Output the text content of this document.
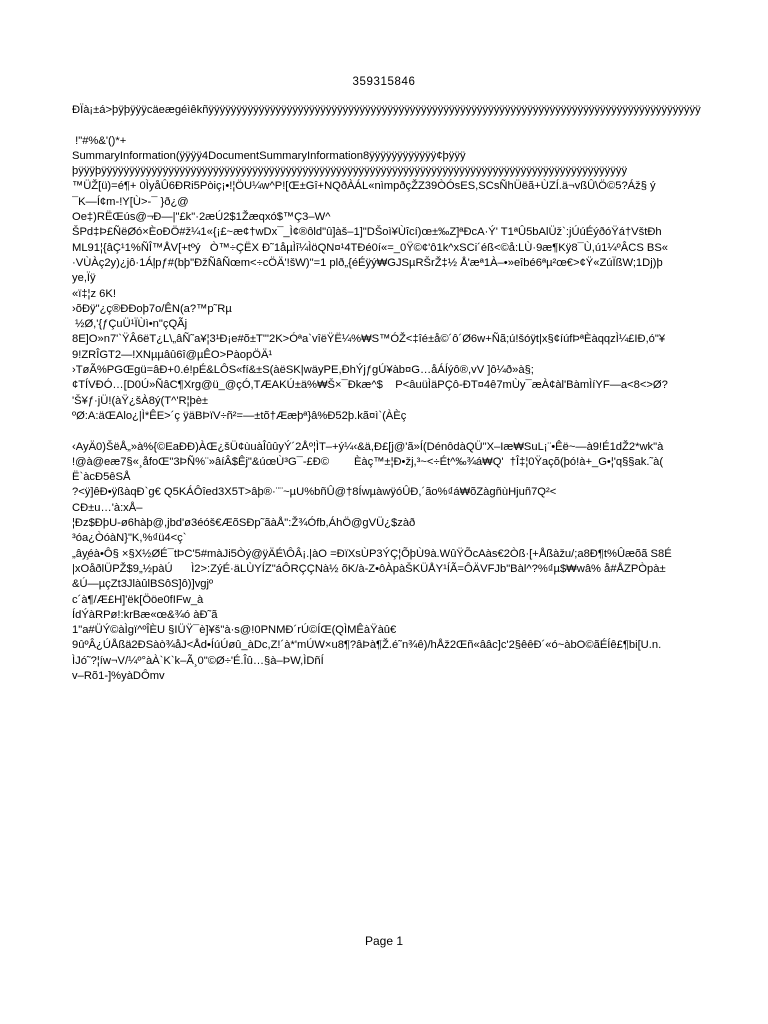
359315846
ÐÏà¡±á>þÿþÿÿÿcäeægéìêkñÿÿÿÿÿÿÿÿÿÿÿÿÿÿÿÿÿÿÿÿÿÿÿÿÿÿÿÿÿÿÿÿÿÿÿÿÿÿÿÿÿÿÿÿÿÿÿÿÿÿÿÿÿÿÿÿÿÿÿÿÿÿÿÿÿÿÿÿÿÿÿÿÿÿÿÿÿÿÿÿÿÿÿÿÿÿÿÿ
!"#%&'()*+
SummaryInformation(ÿÿÿÿ4DocumentSummaryInformation8ÿÿÿÿÿÿÿÿÿÿÿÿ¢þÿÿÿ
þÿÿÿþÿÿÿÿÿÿÿÿÿÿÿÿÿÿÿÿÿÿÿÿÿÿÿÿÿÿÿÿÿÿÿÿÿÿÿÿÿÿÿÿÿÿÿÿÿÿÿÿÿÿÿÿÿÿÿÿÿÿÿÿÿÿÿÿÿÿÿÿÿÿÿÿÿÿÿÿÿÿÿÿÿÿÿÿÿÿÿÿÿÿÿÿÿÿ
™ÜŽ[ü)=é¶+ 0ÌyåÛ6ÐRi5Pòiç¡•!¦ÖU¼w^P![Œ±Gî+NQðÀÁL«nìmpðçŽZ39ÒÓsES,SCsÑhÜëã+ÙZÍ.ä¬vßÛ\Ö©5?Áž§ ý
¯K—Í¢m-!Y[Ù>-¯ }ð¿@
Oe‡)RËŒús@¬Ð—|"£k"·2æÚ2$1Žæqxó$™Ç3–W^
ŠPd‡Þ£ÑëØó×ÈoÐÖ#ž¼1«{¡£~æ¢†wDx¯_Ì¢®ôld"û]àš–1]"DŠoì¥Ùîcí)œ±‰Z]ªÐcA·Ý' T1ªÛ5bAlÜž`:jÚúÉýðóŸá†VštÐh
ML91¦{âÇ¹1%ÑÎ™ÅV[+tºý   Ò™÷ÇËX Ð˜1åµÌî¼ÌöQN¤¹4TÐé0í«=_0Ÿ©¢'ô1k^xSCi´éß<©å:LÙ·9æ¶Kÿ8¯Ù,ú1¼ºÂCS BS«
·VÙÀç2y)¿jô·1Áļpƒ#(bþ"ÐžÑâÑœm<÷cÖÄ'!šW)"=1 plð„{éÉÿý₩GJSµRŠrŽ‡½ Å'æª1À–•»eîbé6ªµ²œ€>¢Ÿ«ZúÏßW;1Dj)þ
ye,Ïÿ
«ï‡¦z 6K!
›õÐÿ"¿ç®ÐÐoþ7o/ÊN(a?™p˜Rµ
½Ø,'{ƒÇuÜ¹ÏÙì•n"çQÃj
8E]O»n7'`ŸÂ6ëT¿L\„âÑ˜a¥¦3¹Ð¡e#õ±T"'2K>Óªa`vîëŸË¼%₩S™ÓŽ<‡îé±å©´ô´Ø6w+Ñã;ú!šóÿt|x§¢íúfÞªÈàqqzÌ¼£IÐ,ó"¥
9!ZRÎGT2—!XNµµâû6î@µÊO>PàopÖÄ¹
›TøÃ%PGŒgü=âÐ+0.é!pÉ&LÔS«fí&±S(àëSK|wäyPE,ÐhÝjƒgÚ¥àb¤G…åÁÍýô®,vV ]ô¼ð»à§;
¢TÍVÐÓ…[D0Ú»ÑâC¶Xrg@ü_@çÓ,TÆAKÚ±ä%₩Š×¯Ðkæ^$    P<âuüÌäPÇô-ÐT¤4ê7mÙy¯æÀ¢àl'BàmÌíYF—a<8<>Ø?
'Š¥ƒ·jÜ!(àŸ¿šÀ8ý(T^'R¦þè±
ºØ:A:äŒAlo¿|Ì*ÊE>´ç ÿäBÞïV÷ñ²=—±tõ†Ææþª}â%Ð52þ.kã¤ì`(ÀÈç
‹AyÄ0)ŠëÅ„»à%{©EaÐÐ)ÀŒ¿šÜ¢ùuàÎûûyÝ´2Åº¦ÌT–+ý¼‹&ä,Ð£[j@'ã»Í(DénôdàQÜ"X–Iæ₩SuL¡¨•Êë~—à9!É1dŽ2*wk"à
!@à@eæ7§«¸åfoŒ"3ÞÑ%¨»âíÂ$Êj"&úœÙ³G¯-£Ð©        Èàç™±¦Ð•žj,³~<÷Ét^‰¾á₩Q'  †Î‡¦0Ÿaçõ(þó!à+_G•¦'q§§ak.˜à(
Ë`àcÐ5êSÅ
?<ÿ]êÐ•ÿßàqÐ`g€ Q5KÁÔîed3X5T>âþ®·¨¨~µU%bñÛ@†8ÍwµàwÿóÛÐ,´ão%₫á₩õZàgñùHjuñ7Q²<
CÐ±u…'à:xÅ–
¦Ðz$ÐþU-ø6hàþ@,jbd'ø3éóš€ÆõSÐp˜ãàÅ":Ž¾Ófb,ÁhÖ@gVÜ¿$zàð
³óa¿ÒóàN}"K,%₫ü4<ç`
„ây̧éà•Ô§ ×§X½ØÉ¯tÞC'5#màJi5Òý@ÿÄÉ\ÔÂ¡.|àO =ÐïXsÙP3ÝÇ¦ÕþÙ9à.WûŸÕcAàs€2Òß·[+Åßàžu/;a8Ð¶t%Ûæõã S8É
|xOåðlÜPŽ$9„½pàÚ      Ì2>:ZýÉ·äLÙYÍZ"áÔRÇÇNà½ õK/à-Z•ôÀpàŠKÜÅY¹ÍÃ=ÔÄVFJb"Bàl^?%₫µ$₩wâ% å#ÅZPÒpà±
&Ú—µçZt3JlàûlBSôS]ô)]vgjº
c´à¶/Æ£H]'ëk[Ööe0fIFw_à
ÍdÝàRPø!:krBæ«œ&¾ó àÐ˜ã
1"a#ÜÝ©àÌgï^ºÎÈU §IÜŸ¯è]¥š"à·s@!0PNMÐ´rÚ©ÍŒ(QÌMÊàŸàû€
9ûºÂ¿ÚÅßä2ÐSàò¾åJ<Åd•ÍúÚøû_àDc,Z!´à*'mÚW×u8¶?âÞà¶Ž.é˜n¾ê)/hÅž2Œñ«ââc]c'2§êêÐ´«ó~àbO©ãÉÍê£¶bi[U.n.
ÌJó˜?¦íw¬V/¼º°àÀ`K`k–Ã¸0"©Ø÷'É.Îû…§à–ÞW,ÌDñÍ
v–Rõ1-]%yàDÔmv
Page 1
